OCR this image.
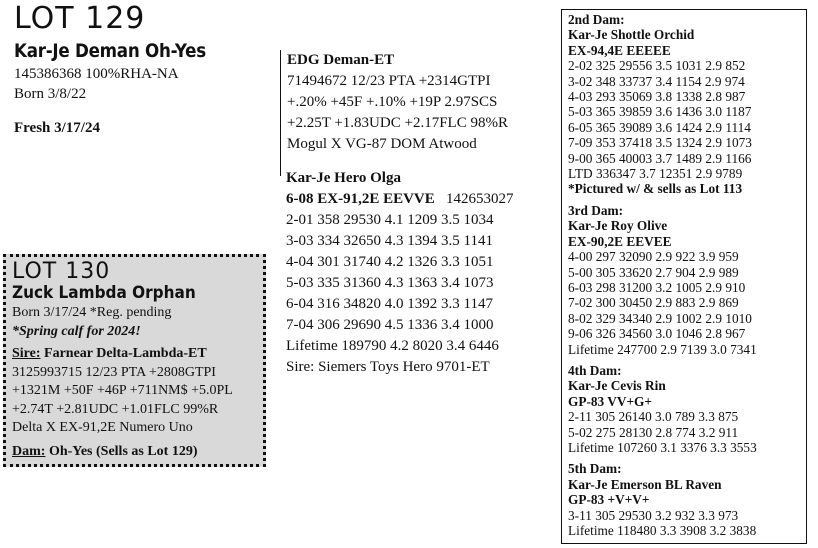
LOT 129
Kar-Je Deman Oh-Yes
145386368 100%RHA-NA
Born 3/8/22
Fresh 3/17/24
EDG Deman-ET
71494672 12/23 PTA +2314GTPI
+.20% +45F +.10% +19P 2.97SCS
+2.25T +1.83UDC +2.17FLC 98%R
Mogul X VG-87 DOM Atwood
Kar-Je Hero Olga
6-08 EX-91,2E EEVVE 142653027
2-01 358 29530 4.1 1209 3.5 1034
3-03 334 32650 4.3 1394 3.5 1141
4-04 301 31740 4.2 1326 3.3 1051
5-03 335 31360 4.3 1363 3.4 1073
6-04 316 34820 4.0 1392 3.3 1147
7-04 306 29690 4.5 1336 3.4 1000
Lifetime 189790 4.2 8020 3.4 6446
Sire: Siemers Toys Hero 9701-ET
LOT 130
Zuck Lambda Orphan
Born 3/17/24 *Reg. pending
*Spring calf for 2024!
Sire: Farnear Delta-Lambda-ET
3125993715 12/23 PTA +2808GTPI
+1321M +50F +46P +711NM$ +5.0PL
+2.74T +2.81UDC +1.01FLC 99%R
Delta X EX-91,2E Numero Uno
Dam: Oh-Yes (Sells as Lot 129)
2nd Dam:
Kar-Je Shottle Orchid
EX-94,4E EEEEE
2-02 325 29556 3.5 1031 2.9 852
3-02 348 33737 3.4 1154 2.9 974
4-03 293 35069 3.8 1338 2.8 987
5-03 365 39859 3.6 1436 3.0 1187
6-05 365 39089 3.6 1424 2.9 1114
7-09 353 37418 3.5 1324 2.9 1073
9-00 365 40003 3.7 1489 2.9 1166
LTD 336347 3.7 12351 2.9 9789
*Pictured w/ & sells as Lot 113
3rd Dam:
Kar-Je Roy Olive
EX-90,2E EEVEE
4-00 297 32090 2.9 922 3.9 959
5-00 305 33620 2.7 904 2.9 989
6-03 298 31200 3.2 1005 2.9 910
7-02 300 30450 2.9 883 2.9 869
8-02 329 34340 2.9 1002 2.9 1010
9-06 326 34560 3.0 1046 2.8 967
Lifetime 247700 2.9 7139 3.0 7341
4th Dam:
Kar-Je Cevis Rin
GP-83 VV+G+
2-11 305 26140 3.0 789 3.3 875
5-02 275 28130 2.8 774 3.2 911
Lifetime 107260 3.1 3376 3.3 3553
5th Dam:
Kar-Je Emerson BL Raven
GP-83 +V+V+
3-11 305 29530 3.2 932 3.3 973
Lifetime 118480 3.3 3908 3.2 3838
